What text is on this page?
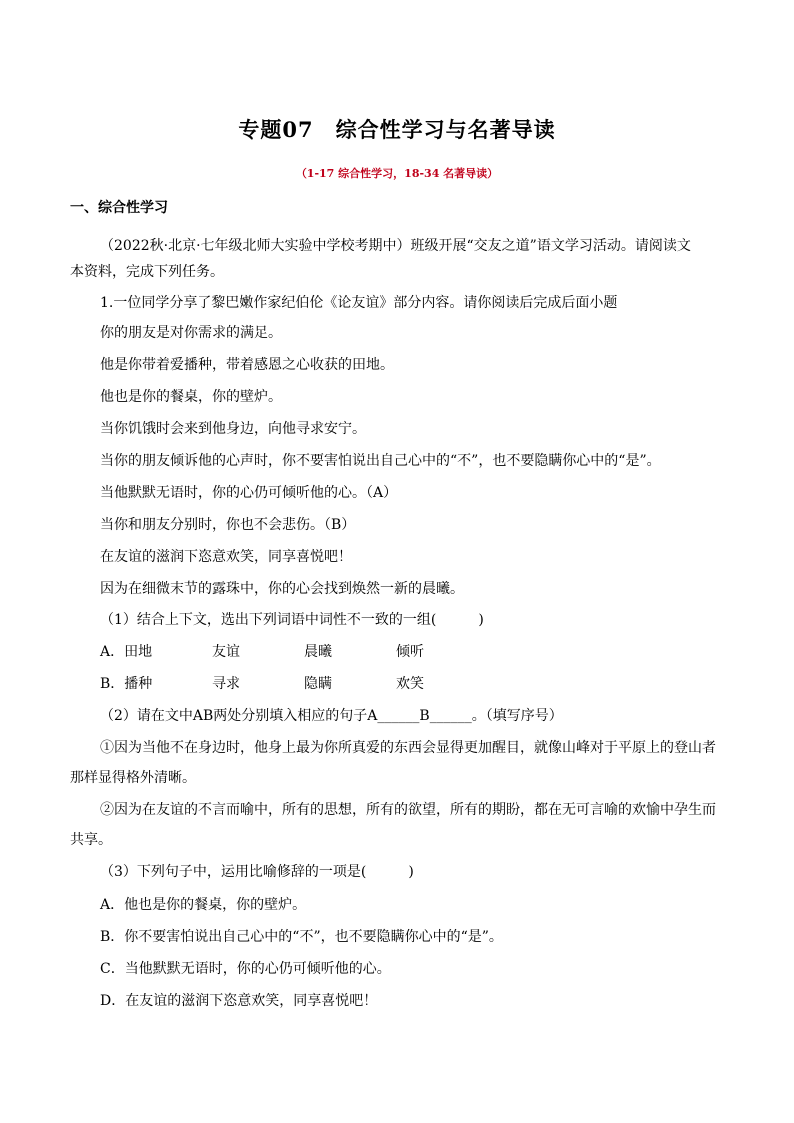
专题07　综合性学习与名著导读
（1-17 综合性学习，18-34 名著导读）
一、综合性学习
（2022秋·北京·七年级北师大实验中学校考期中）班级开展“交友之道”语文学习活动。请阅读文
本资料，完成下列任务。
1.一位同学分享了黎巴嫩作家纪伯伦《论友谊》部分内容。请你阅读后完成后面小题
你的朋友是对你需求的满足。
他是你带着爱播种，带着感恩之心收获的田地。
他也是你的餐桌，你的壁炉。
当你饥饿时会来到他身边，向他寻求安宁。
当你的朋友倾诉他的心声时，你不要害怕说出自己心中的“不”，也不要隐瞒你心中的“是”。
当他默默无语时，你的心仍可倾听他的心。（A）
当你和朋友分别时，你也不会悲伤。（B）
在友谊的滋润下恣意欢笑，同享喜悦吧！
因为在细微末节的露珠中，你的心会找到焕然一新的晨曦。
（1）结合上下文，选出下列词语中词性不一致的一组(　　　)
A．田地	友谊	晨曦	倾听
B．播种	寻求	隐瞒	欢笑
（2）请在文中AB两处分别填入相应的句子A______B______。（填写序号）
①因为当他不在身边时，他身上最为你所真爱的东西会显得更加醒目，就像山峰对于平原上的登山者
那样显得格外清晰。
②因为在友谊的不言而喻中，所有的思想，所有的欲望，所有的期盼，都在无可言喻的欢愉中孕生而
共享。
（3）下列句子中，运用比喻修辞的一项是(　　　)
A．他也是你的餐桌，你的壁炉。
B．你不要害怕说出自己心中的“不”，也不要隐瞒你心中的“是”。
C．当他默默无语时，你的心仍可倾听他的心。
D．在友谊的滋润下恣意欢笑，同享喜悦吧！
